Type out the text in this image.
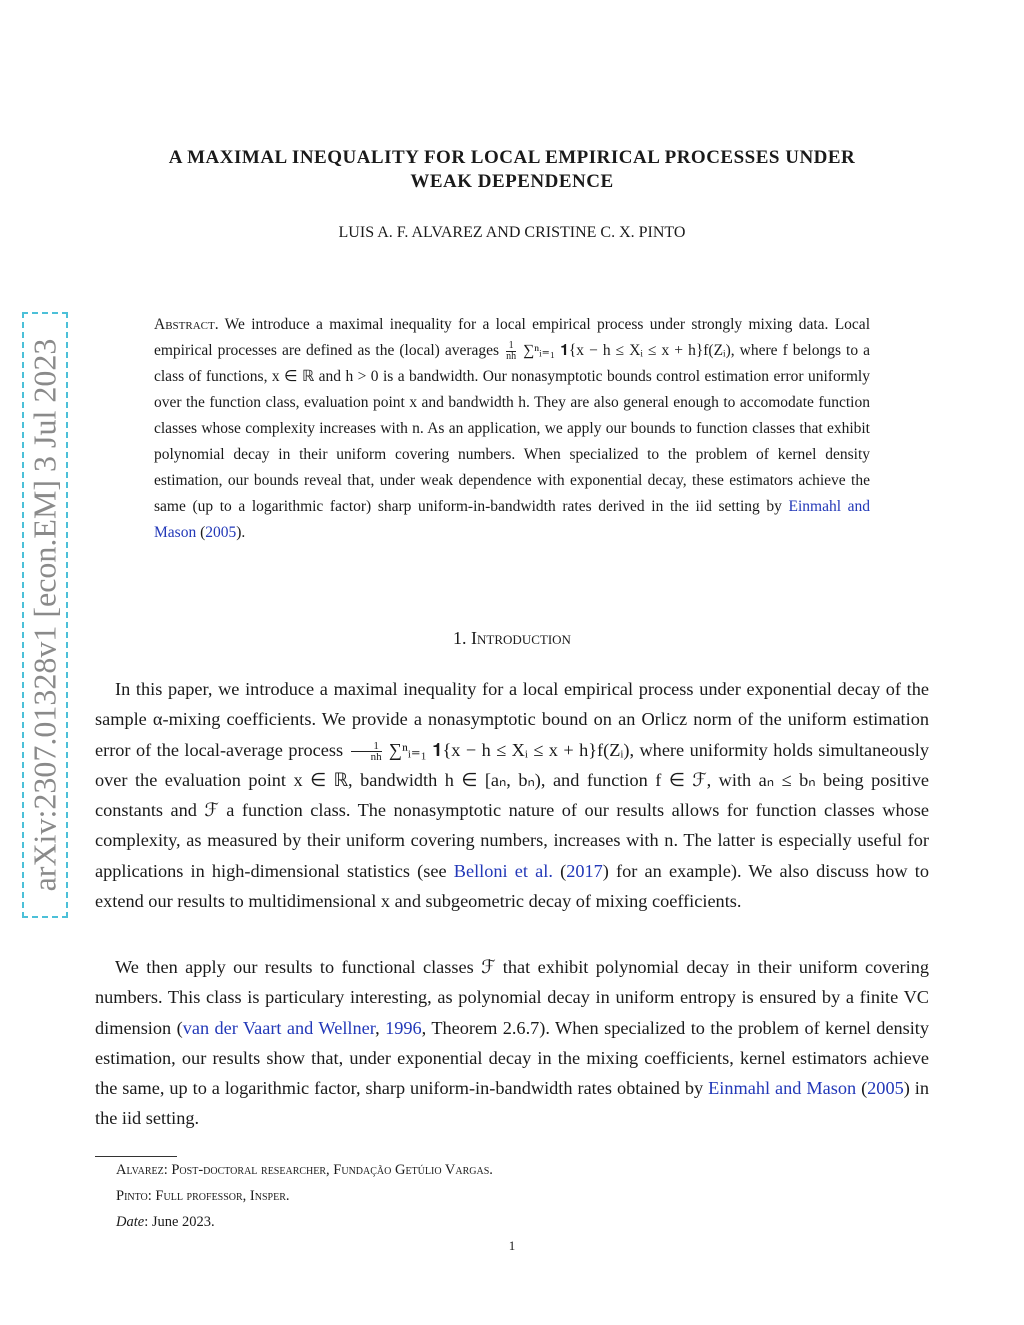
arXiv:2307.01328v1 [econ.EM] 3 Jul 2023
A MAXIMAL INEQUALITY FOR LOCAL EMPIRICAL PROCESSES UNDER
WEAK DEPENDENCE
LUIS A. F. ALVAREZ AND CRISTINE C. X. PINTO
Abstract. We introduce a maximal inequality for a local empirical process under strongly mixing data. Local empirical processes are defined as the (local) averages $\frac{1}{nh}$ ∑ⁿᵢ₌₁ 𝟏{x − h ≤ Xᵢ ≤ x + h}f(Zᵢ), where f belongs to a class of functions, x ∈ ℝ and h > 0 is a bandwidth. Our nonasymptotic bounds control estimation error uniformly over the function class, evaluation point x and bandwidth h. They are also general enough to accomodate function classes whose complexity increases with n. As an application, we apply our bounds to function classes that exhibit polynomial decay in their uniform covering numbers. When specialized to the problem of kernel density estimation, our bounds reveal that, under weak dependence with exponential decay, these estimators achieve the same (up to a logarithmic factor) sharp uniform-in-bandwidth rates derived in the iid setting by Einmahl and Mason (2005).
1. Introduction
In this paper, we introduce a maximal inequality for a local empirical process under exponential decay of the sample α-mixing coefficients. We provide a nonasymptotic bound on an Orlicz norm of the uniform estimation error of the local-average process $\frac{1}{nh}$ ∑ⁿᵢ₌₁ 𝟏{x − h ≤ Xᵢ ≤ x + h}f(Zᵢ), where uniformity holds simultaneously over the evaluation point x ∈ ℝ, bandwidth h ∈ [aₙ, bₙ), and function f ∈ ℱ, with aₙ ≤ bₙ being positive constants and ℱ a function class. The nonasymptotic nature of our results allows for function classes whose complexity, as measured by their uniform covering numbers, increases with n. The latter is especially useful for applications in high-dimensional statistics (see Belloni et al. (2017) for an example). We also discuss how to extend our results to multidimensional x and subgeometric decay of mixing coefficients.
We then apply our results to functional classes ℱ that exhibit polynomial decay in their uniform covering numbers. This class is particulary interesting, as polynomial decay in uniform entropy is ensured by a finite VC dimension (van der Vaart and Wellner, 1996, Theorem 2.6.7). When specialized to the problem of kernel density estimation, our results show that, under exponential decay in the mixing coefficients, kernel estimators achieve the same, up to a logarithmic factor, sharp uniform-in-bandwidth rates obtained by Einmahl and Mason (2005) in the iid setting.
Alvarez: Post-doctoral researcher, Fundação Getúlio Vargas.
Pinto: Full professor, Insper.
Date: June 2023.
1
